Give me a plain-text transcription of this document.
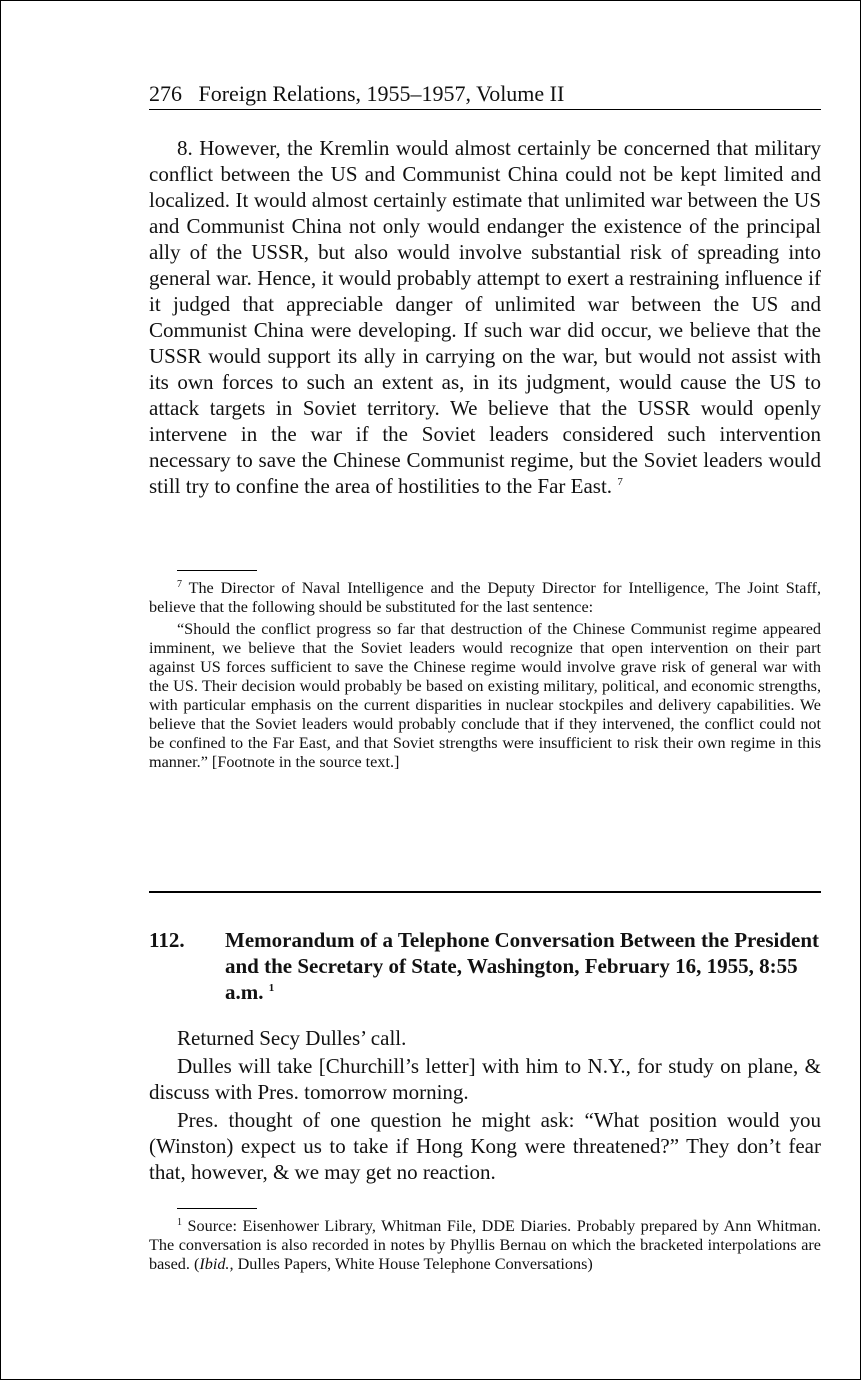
276   Foreign Relations, 1955–1957, Volume II

8. However, the Kremlin would almost certainly be concerned that military conflict between the US and Communist China could not be kept limited and localized. It would almost certainly estimate that unlimited war between the US and Communist China not only would endanger the existence of the principal ally of the USSR, but also would involve substantial risk of spreading into general war. Hence, it would probably attempt to exert a restraining influence if it judged that appreciable danger of unlimited war between the US and Communist China were developing. If such war did occur, we believe that the USSR would support its ally in carrying on the war, but would not assist with its own forces to such an extent as, in its judgment, would cause the US to attack targets in Soviet territory. We believe that the USSR would openly intervene in the war if the Soviet leaders considered such intervention necessary to save the Chinese Communist regime, but the Soviet leaders would still try to confine the area of hostilities to the Far East. $^7$

$^7$ The Director of Naval Intelligence and the Deputy Director for Intelligence, The Joint Staff, believe that the following should be substituted for the last sentence:

“Should the conflict progress so far that destruction of the Chinese Communist regime appeared imminent, we believe that the Soviet leaders would recognize that open intervention on their part against US forces sufficient to save the Chinese regime would involve grave risk of general war with the US. Their decision would probably be based on existing military, political, and economic strengths, with particular emphasis on the current disparities in nuclear stockpiles and delivery capabilities. We believe that the Soviet leaders would probably conclude that if they intervened, the conflict could not be confined to the Far East, and that Soviet strengths were insufficient to risk their own regime in this manner.” [Footnote in the source text.]

112. Memorandum of a Telephone Conversation Between the President and the Secretary of State, Washington, February 16, 1955, 8:55 a.m. $^1$

Returned Secy Dulles’ call.

Dulles will take [Churchill’s letter] with him to N.Y., for study on plane, & discuss with Pres. tomorrow morning.

Pres. thought of one question he might ask: “What position would you (Winston) expect us to take if Hong Kong were threatened?” They don’t fear that, however, & we may get no reaction.

$^1$ Source: Eisenhower Library, Whitman File, DDE Diaries. Probably prepared by Ann Whitman. The conversation is also recorded in notes by Phyllis Bernau on which the bracketed interpolations are based. (Ibid., Dulles Papers, White House Telephone Conversations)
